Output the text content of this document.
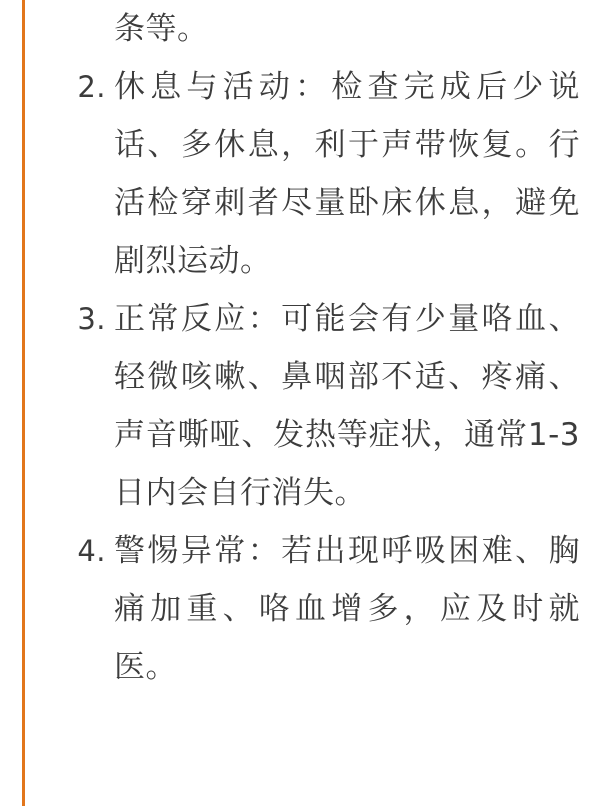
条等。
2. 休息与活动：检查完成后少说话、多休息，利于声带恢复。行活检穿刺者尽量卧床休息，避免剧烈运动。
3. 正常反应：可能会有少量咯血、轻微咳嗽、鼻咽部不适、疼痛、声音嘶哑、发热等症状，通常1-3日内会自行消失。
4. 警惕异常：若出现呼吸困难、胸痛加重、咯血增多，应及时就医。
